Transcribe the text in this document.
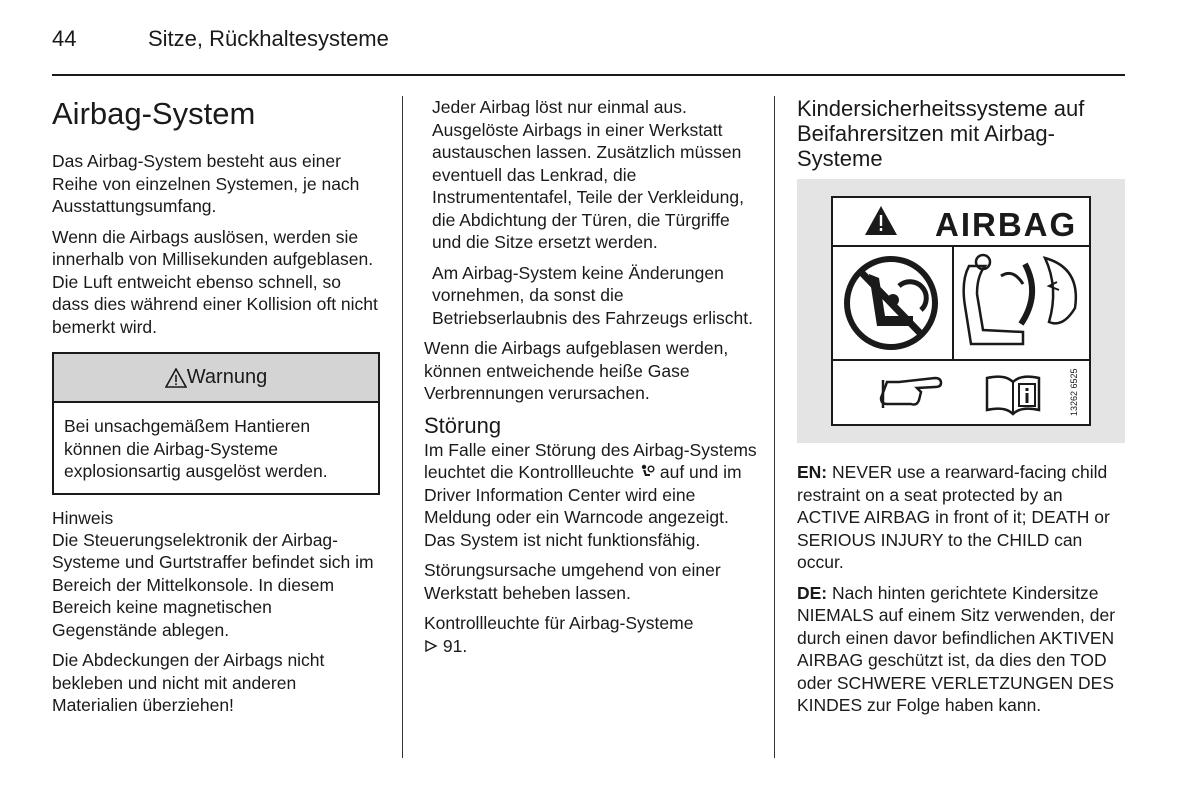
44	Sitze, Rückhaltesysteme
Airbag-System

Das Airbag-System besteht aus einer Reihe von einzelnen Systemen, je nach Ausstattungsumfang.

Wenn die Airbags auslösen, werden sie innerhalb von Millisekunden aufgeblasen. Die Luft entweicht ebenso schnell, so dass dies während einer Kollision oft nicht bemerkt wird.

Warnung
Bei unsachgemäßem Hantieren können die Airbag-Systeme explosionsartig ausgelöst werden.
Hinweis

Die Steuerungselektronik der Airbag-Systeme und Gurtstraffer befindet sich im Bereich der Mittelkonsole. In diesem Bereich keine magnetischen Gegenstände ablegen.

Die Abdeckungen der Airbags nicht bekleben und nicht mit anderen Materialien überziehen!

Jeder Airbag löst nur einmal aus. Ausgelöste Airbags in einer Werkstatt austauschen lassen. Zusätzlich müssen eventuell das Lenkrad, die Instrumententafel, Teile der Verkleidung, die Abdichtung der Türen, die Türgriffe und die Sitze ersetzt werden.

Am Airbag-System keine Änderungen vornehmen, da sonst die Betriebserlaubnis des Fahrzeugs erlischt.

Wenn die Airbags aufgeblasen werden, können entweichende heiße Gase Verbrennungen verursachen.

Störung

Im Falle einer Störung des Airbag-Systems leuchtet die Kontrollleuchte  auf und im Driver Information Center wird eine Meldung oder ein Warncode angezeigt. Das System ist nicht funktionsfähig.

Störungsursache umgehend von einer Werkstatt beheben lassen.

Kontrollleuchte für Airbag-Systeme
91.

Kindersicherheitssysteme auf Beifahrersitzen mit Airbag-Systeme
AIRBAG
13262 6525

EN: NEVER use a rearward-facing child restraint on a seat protected by an ACTIVE AIRBAG in front of it; DEATH or SERIOUS INJURY to the CHILD can occur.

DE: Nach hinten gerichtete Kindersitze NIEMALS auf einem Sitz verwenden, der durch einen davor befindlichen AKTIVEN AIRBAG geschützt ist, da dies den TOD oder SCHWERE VERLETZUNGEN DES KINDES zur Folge haben kann.
